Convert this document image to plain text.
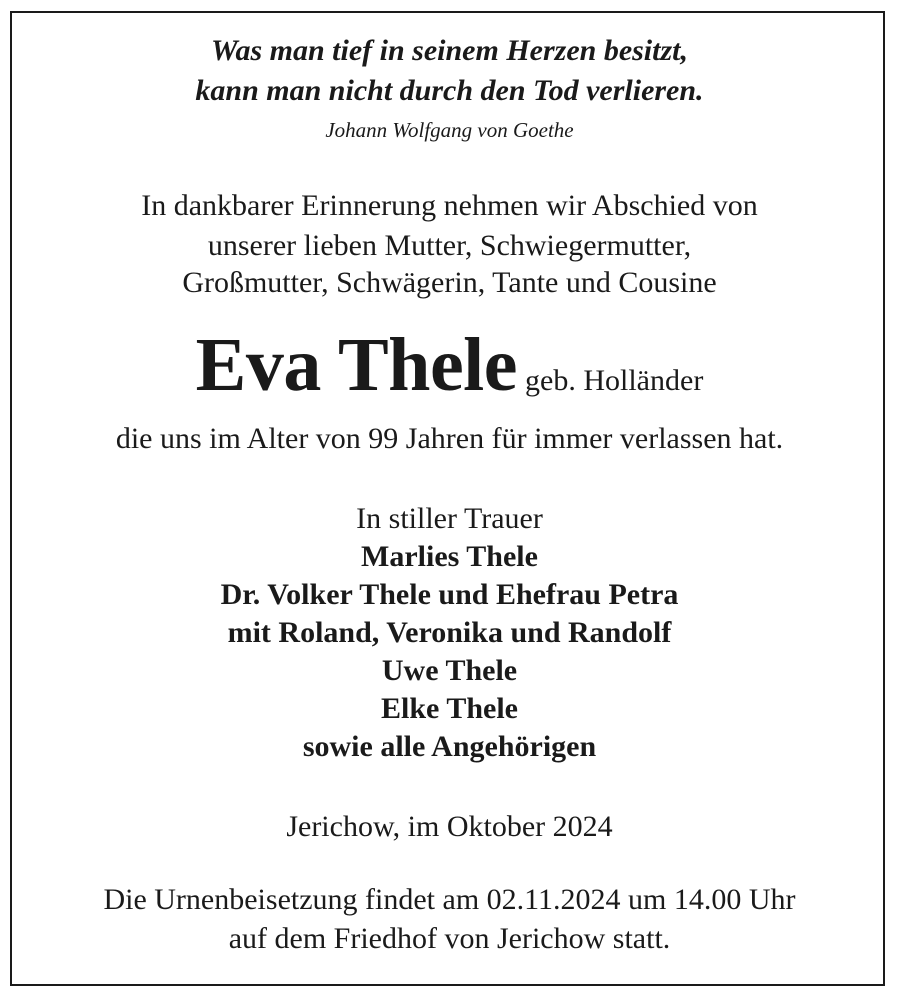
Was man tief in seinem Herzen besitzt,
kann man nicht durch den Tod verlieren.
Johann Wolfgang von Goethe
In dankbarer Erinnerung nehmen wir Abschied von
unserer lieben Mutter, Schwiegermutter,
Großmutter, Schwägerin, Tante und Cousine
Eva Thele geb. Holländer
die uns im Alter von 99 Jahren für immer verlassen hat.
In stiller Trauer
Marlies Thele
Dr. Volker Thele und Ehefrau Petra
mit Roland, Veronika und Randolf
Uwe Thele
Elke Thele
sowie alle Angehörigen
Jerichow, im Oktober 2024
Die Urnenbeisetzung findet am 02.11.2024 um 14.00 Uhr
auf dem Friedhof von Jerichow statt.
